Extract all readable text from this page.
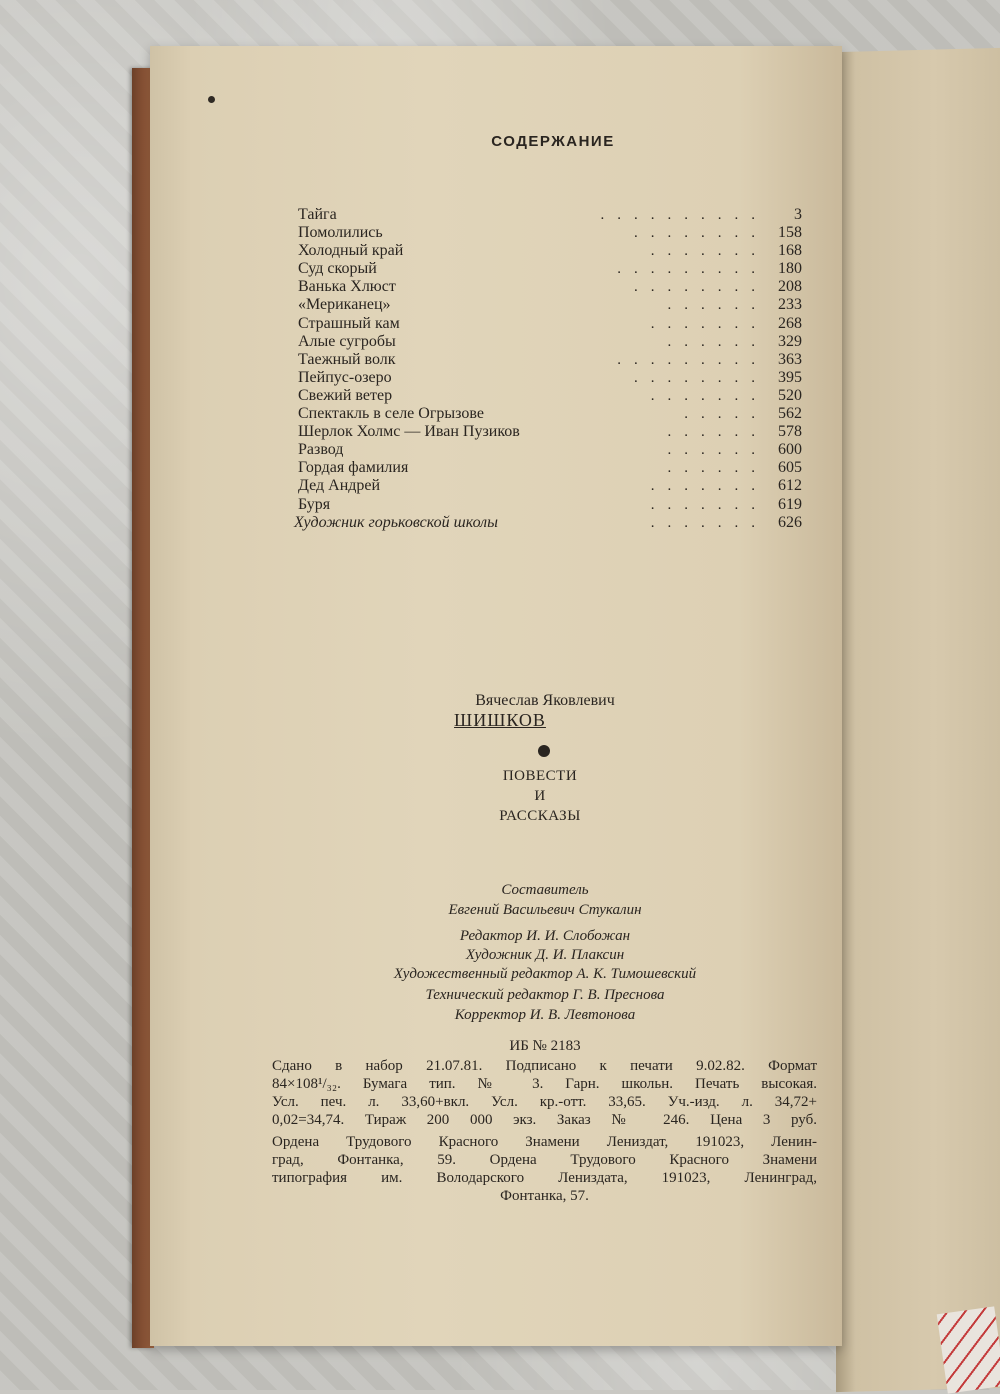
СОДЕРЖАНИЕ
Тайга	.......... 3
Помолились	........ 158
Холодный край	....... 168
Суд скорый	......... 180
Ванька Хлюст	........ 208
«Мериканец»	...... 233
Страшный кам	....... 268
Алые сугробы	...... 329
Таежный волк	......... 363
Пейпус-озеро	........ 395
Свежий ветер	....... 520
Спектакль в селе Огрызове	..... 562
Шерлок Холмс — Иван Пузиков	...... 578
Развод	...... 600
Гордая фамилия	...... 605
Дед Андрей	....... 612
Буря	....... 619
Художник горьковской школы	....... 626
Вячеслав Яковлевич
ШИШКОВ
ПОВЕСТИ
И
РАССКАЗЫ
Составитель
Евгений Васильевич Стукалин
Редактор И. И. Слобожан
Художник Д. И. Плаксин
Художественный редактор А. К. Тимошевский
Технический редактор Г. В. Преснова
Корректор И. В. Левтонова
ИБ № 2183
Сдано в набор 21.07.81. Подписано к печати 9.02.82. Формат
84×108¹/₃₂. Бумага тип. № 3. Гарн. школьн. Печать высокая.
Усл. печ. л. 33,60+вкл. Усл. кр.-отт. 33,65. Уч.-изд. л. 34,72+
0,02=34,74. Тираж 200 000 экз. Заказ № 246. Цена 3 руб.
Ордена Трудового Красного Знамени Лениздат, 191023, Ленин-
град, Фонтанка, 59. Ордена Трудового Красного Знамени
типография им. Володарского Лениздата, 191023, Ленинград,
Фонтанка, 57.
